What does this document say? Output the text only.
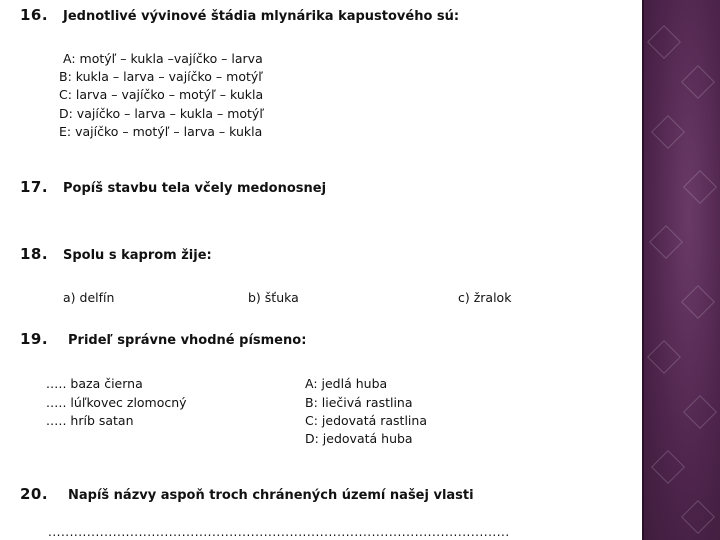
16. Jednotlivé vývinové štádia mlynárika kapustového sú:
A: motýľ – kukla –vajíčko – larva
B: kukla – larva – vajíčko – motýľ
C: larva – vajíčko – motýľ – kukla
D: vajíčko – larva – kukla – motýľ
E: vajíčko – motýľ – larva – kukla
17. Popíš stavbu tela včely medonosnej
18. Spolu s kaprom žije:
a) delfín	b) šťuka	c) žralok
19. Prideľ správne vhodné písmeno:
.…. baza čierna
.…. lúľkovec zlomocný
.…. hríb satan
A: jedlá huba
B: liečivá rastlina
C: jedovatá rastlina
D: jedovatá huba
20. Napíš názvy aspoň troch chránených území našej vlasti
...........................................................................................................
